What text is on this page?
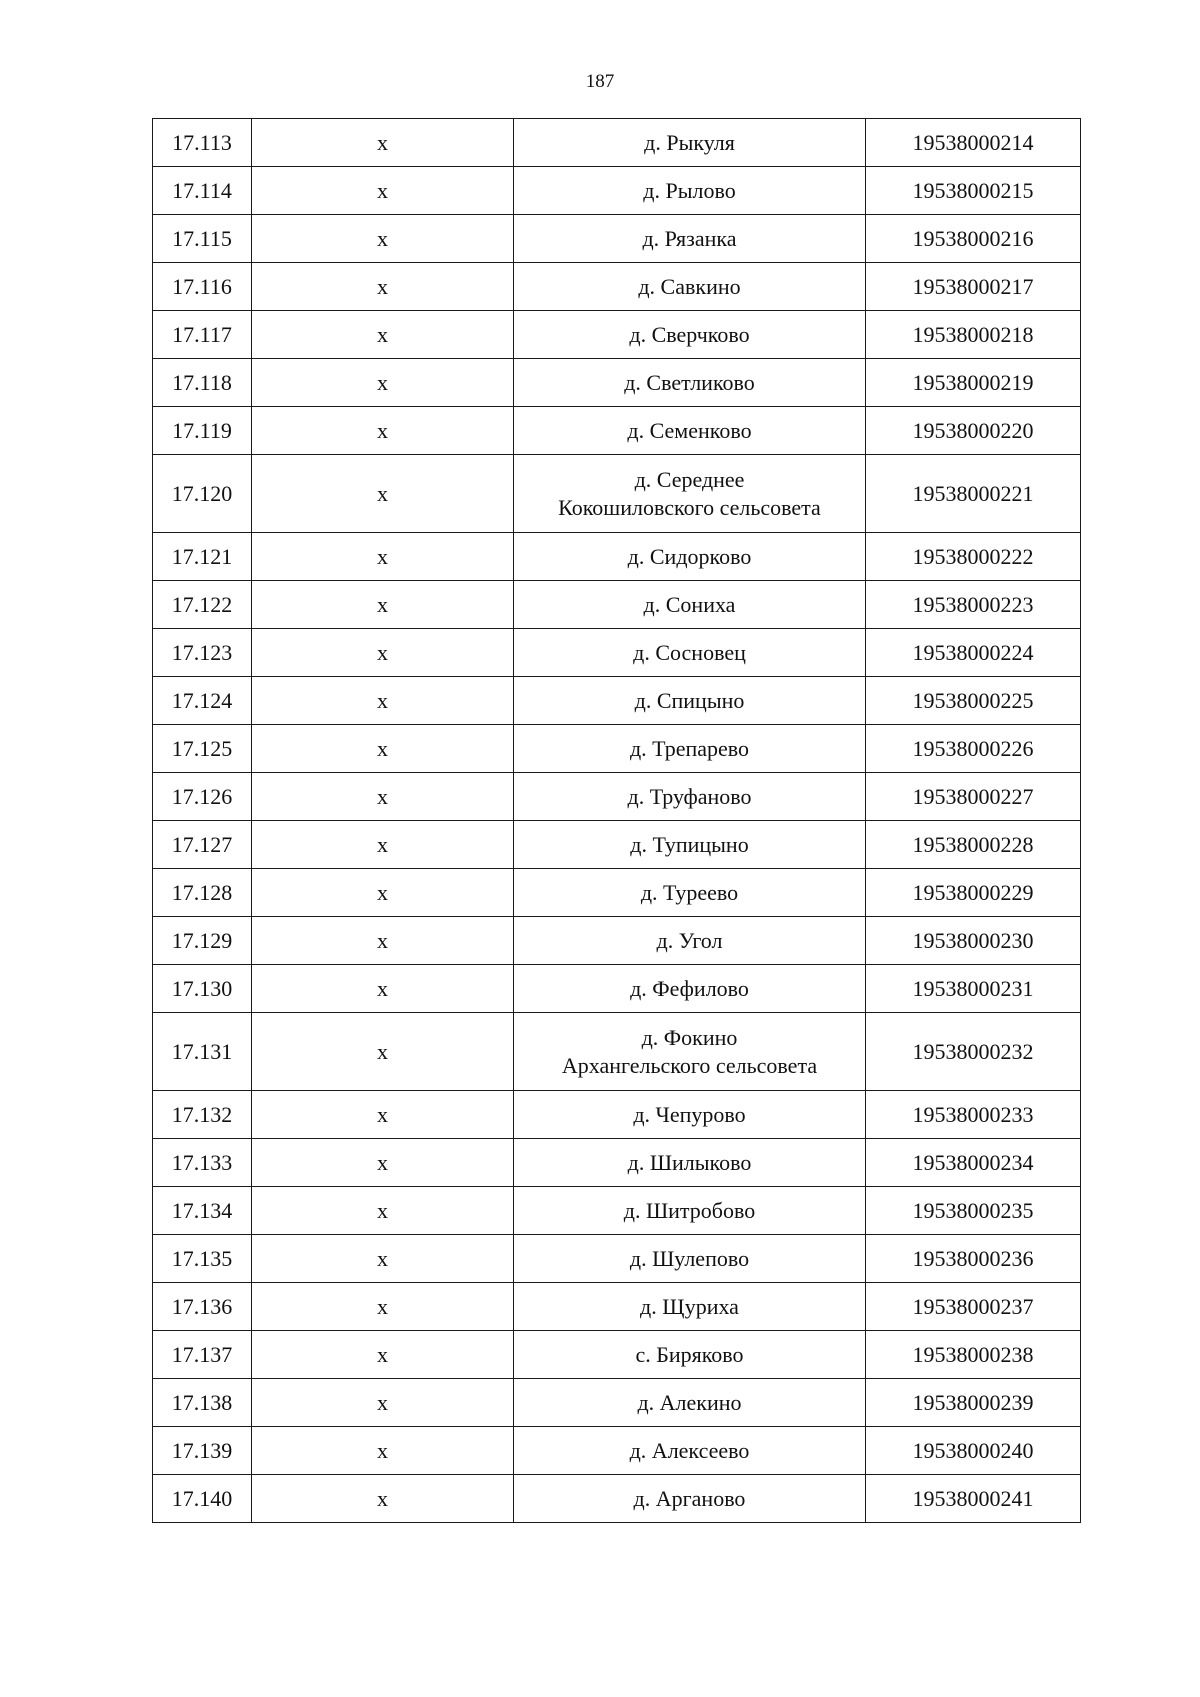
187
17.113	x	д. Рыкуля	19538000214
17.114	x	д. Рылово	19538000215
17.115	x	д. Рязанка	19538000216
17.116	x	д. Савкино	19538000217
17.117	x	д. Сверчково	19538000218
17.118	x	д. Светликово	19538000219
17.119	x	д. Семенково	19538000220
17.120	x	д. Середнее
Кокошиловского сельсовета	19538000221
17.121	x	д. Сидорково	19538000222
17.122	x	д. Сониха	19538000223
17.123	x	д. Сосновец	19538000224
17.124	x	д. Спицыно	19538000225
17.125	x	д. Трепарево	19538000226
17.126	x	д. Труфаново	19538000227
17.127	x	д. Тупицыно	19538000228
17.128	x	д. Туреево	19538000229
17.129	x	д. Угол	19538000230
17.130	x	д. Фефилово	19538000231
17.131	x	д. Фокино
Архангельского сельсовета	19538000232
17.132	x	д. Чепурово	19538000233
17.133	x	д. Шилыково	19538000234
17.134	x	д. Шитробово	19538000235
17.135	x	д. Шулепово	19538000236
17.136	x	д. Щуриха	19538000237
17.137	x	с. Биряково	19538000238
17.138	x	д. Алекино	19538000239
17.139	x	д. Алексеево	19538000240
17.140	x	д. Арганово	19538000241
